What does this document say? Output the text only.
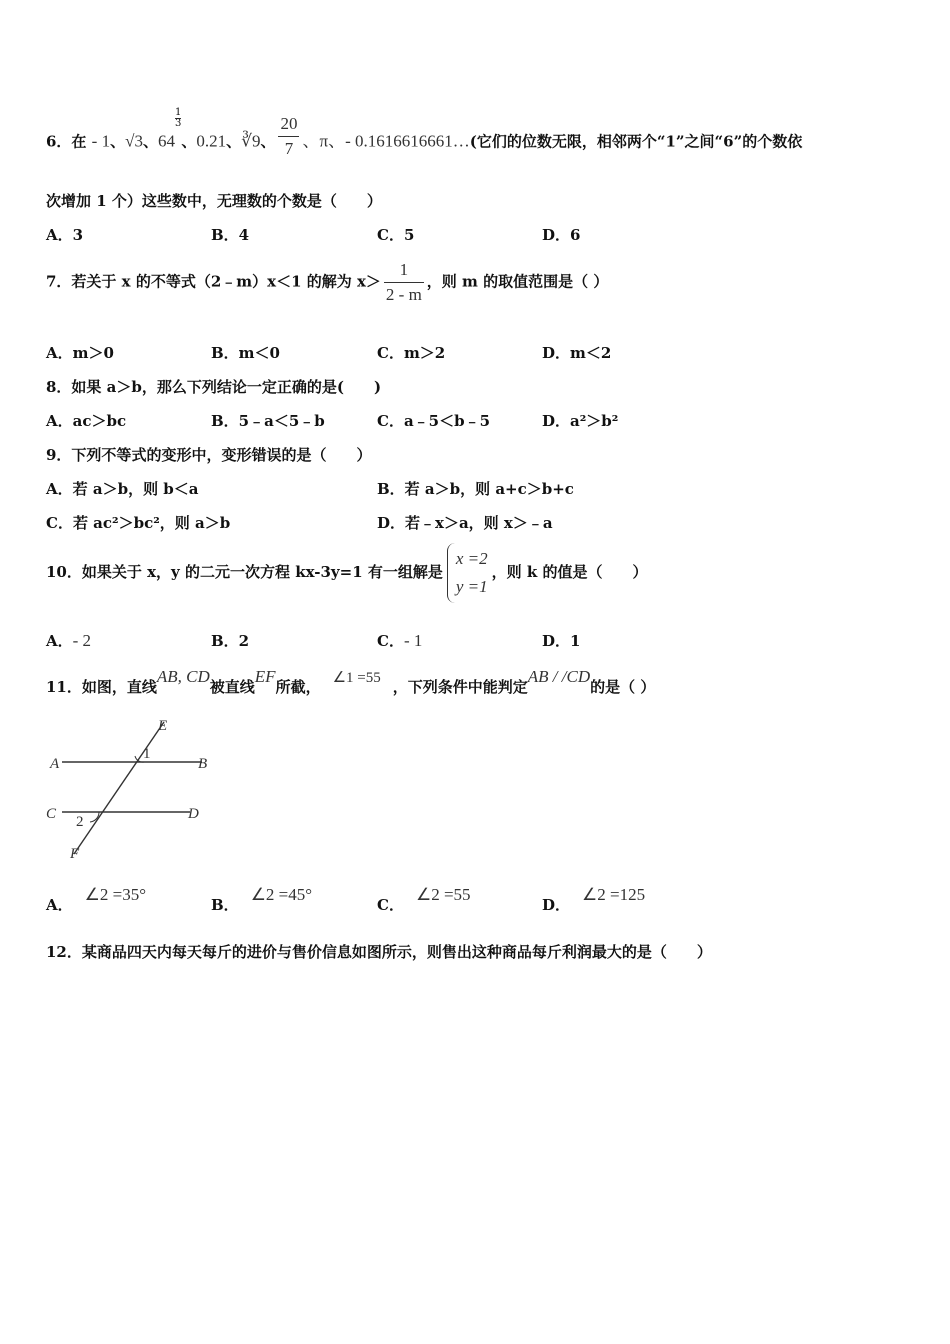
6．在 - 1、√3、64
$\frac{1}{3}$
、0.21、∛9、 $\frac{20}{7}$ 、π、- 0.1616616661…(它们的位数无限，相邻两个“1”之间“6”的个数依
次增加 1 个）这些数中，无理数的个数是（　　）
A．3	B．4	C．5	D．6
7．若关于 x 的不等式（2﹣m）x＜1 的解为 $x> \frac{1}{2 - m}$ ，则 m 的取值范围是（ ）
A．m＞0	B．m＜0	C．m＞2	D．m＜2
8．如果 a＞b，那么下列结论一定正确的是(　　)
A．ac＞bc	B．5﹣a＜5﹣b	C．a﹣5＜b﹣5	D．a²＞b²
9．下列不等式的变形中，变形错误的是（　　）
A．若 a＞b，则 b＜a	B．若 a＞b，则 a+c＞b+c
C．若 ac²＞bc²，则 a＞b	D．若﹣x＞a，则 x＞﹣a
10．如果关于 x，y 的二元一次方程 kx-3y=1 有一组解是
x =2
y =1
，则 k 的值是（　　）
A．- 2	B．2	C．- 1	D．1
11．如图，直线AB, CD被直线EF所截， ∠1 =55 ，下列条件中能判定AB / /CD的是（ ）
A	B
C	D
E
F
1
2
A．∠2 =35°
B．∠2 =45°
C．∠2 =55
D．∠2 =125
12．某商品四天内每天每斤的进价与售价信息如图所示，则售出这种商品每斤利润最大的是（　　）
